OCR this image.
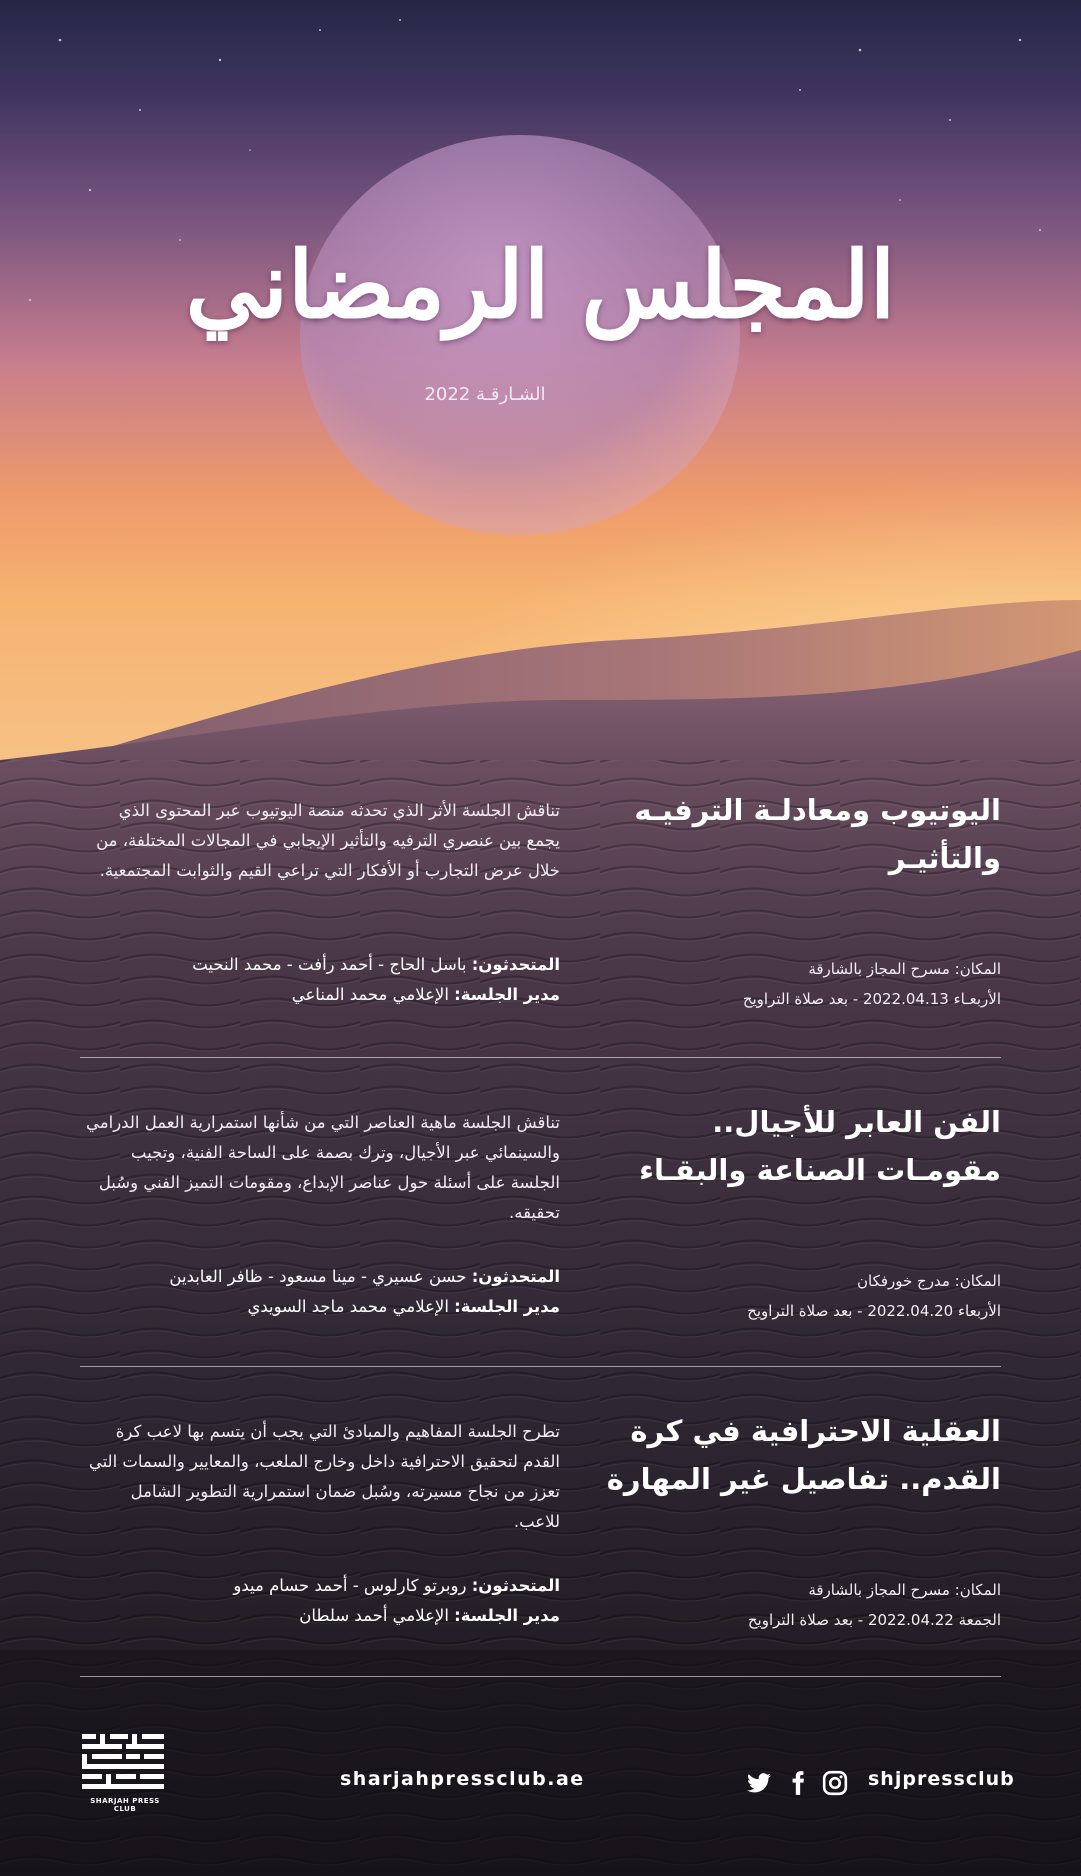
المجلس الرمضاني
الشـارقـة 2022
اليوتيوب ومعادلـة الترفيـه والتأثيـر
المكان: مسرح المجاز بالشارقة
الأربعـاء 2022.04.13 - بعد صلاة التراويح
تناقش الجلسة الأثر الذي تحدثه منصة اليوتيوب عبر المحتوى الذي يجمع بين عنصري الترفيه والتأثير الإيجابي في المجالات المختلفة، من خلال عرض التجارب أو الأفكار التي تراعي القيم والثوابت المجتمعية.
المتحدثون: باسل الحاج - أحمد رأفت - محمد النحيت
مدير الجلسة: الإعلامي محمد المناعي
الفن العابر للأجيال.. مقومـات الصناعة والبقـاء
المكان: مدرج خورفكان
الأربعاء 2022.04.20 - بعد صلاة التراويح
تناقش الجلسة ماهية العناصر التي من شأنها استمرارية العمل الدرامي والسينمائي عبر الأجيال، وترك بصمة على الساحة الفنية، وتجيب الجلسة على أسئلة حول عناصر الإبداع، ومقومات التميز الفني وسُبل تحقيقه.
المتحدثون: حسن عسيري - مينا مسعود - ظافر العابدين
مدير الجلسة: الإعلامي محمد ماجد السويدي
العقلية الاحترافية في كرة القدم.. تفاصيل غير المهارة
المكان: مسرح المجاز بالشارقة
الجمعة 2022.04.22 - بعد صلاة التراويح
تطرح الجلسة المفاهيم والمبادئ التي يجب أن يتسم بها لاعب كرة القدم لتحقيق الاحترافية داخل وخارج الملعب، والمعايير والسمات التي تعزز من نجاح مسيرته، وسُبل ضمان استمرارية التطوير الشامل للاعب.
المتحدثون: روبرتو كارلوس - أحمد حسام ميدو
مدير الجلسة: الإعلامي أحمد سلطان
SHARJAH PRESS CLUB
sharjahpressclub.ae	shjpressclub
